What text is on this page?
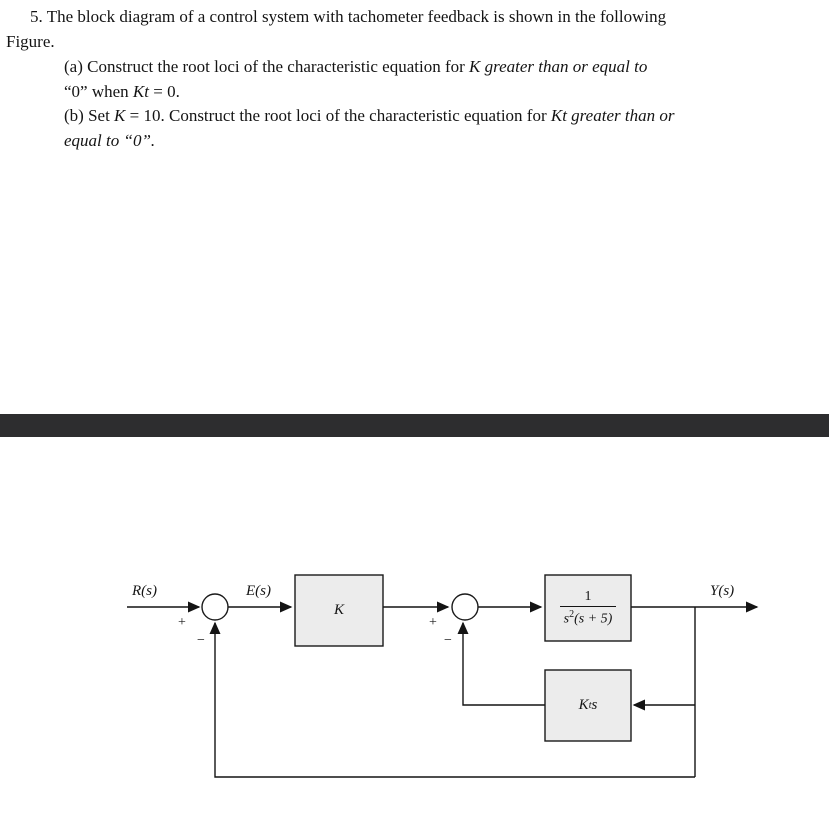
5. The block diagram of a control system with tachometer feedback is shown in the following
Figure.
(a) Construct the root loci of the characteristic equation for K greater than or equal to
“0” when Kt = 0.
(b) Set K = 10. Construct the root loci of the characteristic equation for Kt greater than or
equal to “0”.
R(s)	E(s)	Y(s)
+
−
+
−
K	$\frac{1}{s^2(s + 5)}$
K t s
